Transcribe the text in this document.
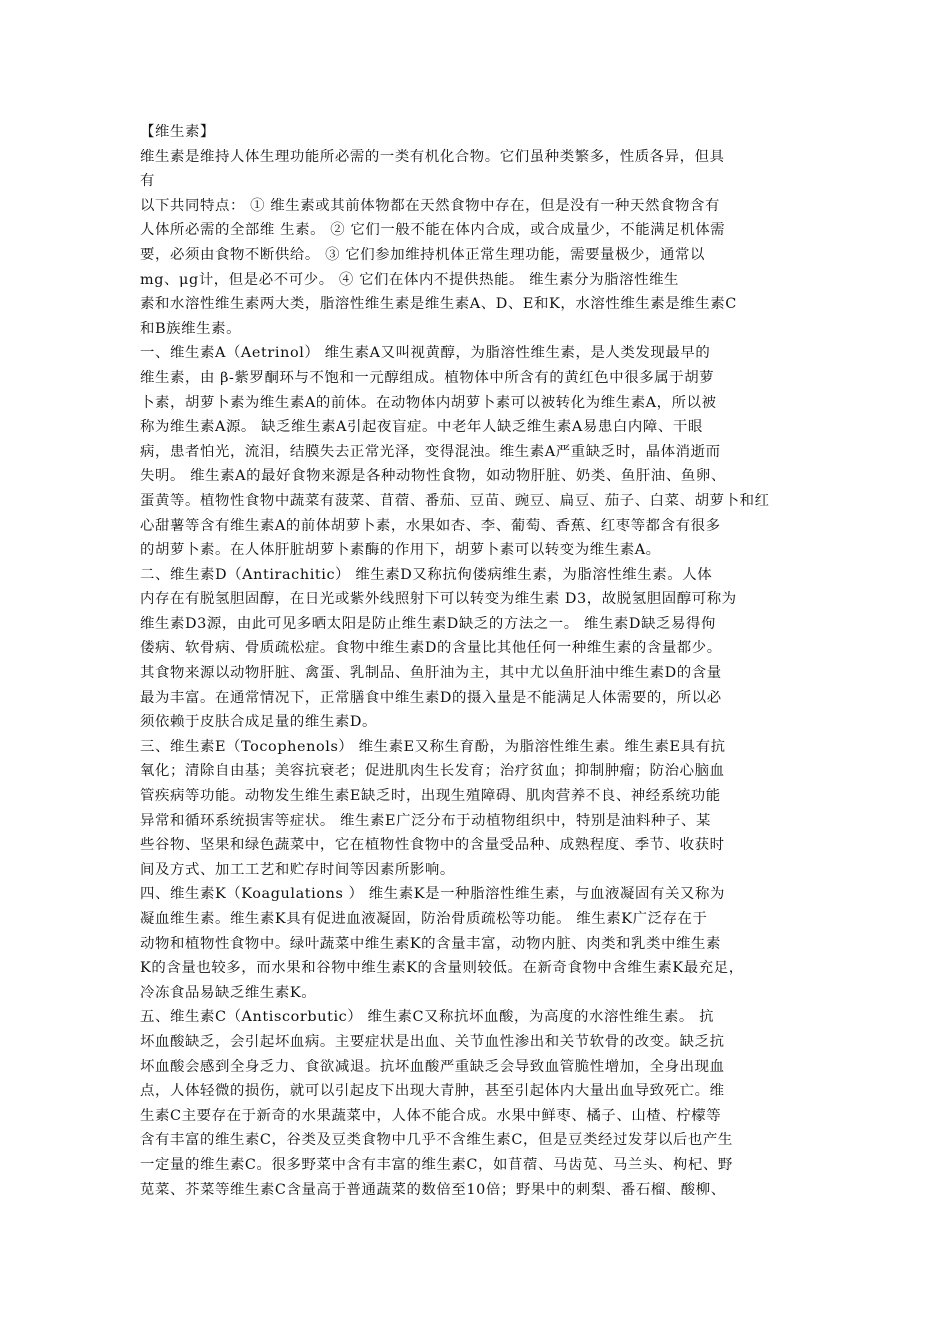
【维生素】
维生素是维持人体生理功能所必需的一类有机化合物。它们虽种类繁多，性质各异，但具
有
以下共同特点： ① 维生素或其前体物都在天然食物中存在，但是没有一种天然食物含有
人体所必需的全部维 生素。 ② 它们一般不能在体内合成，或合成量少，不能满足机体需
要，必须由食物不断供给。 ③ 它们参加维持机体正常生理功能，需要量极少，通常以
mg、μg计，但是必不可少。 ④ 它们在体内不提供热能。 维生素分为脂溶性维生
素和水溶性维生素两大类，脂溶性维生素是维生素A、D、E和K，水溶性维生素是维生素C
和B族维生素。
一、维生素A（Aetrinol） 维生素A又叫视黄醇，为脂溶性维生素，是人类发现最早的
维生素，由 β-紫罗酮环与不饱和一元醇组成。植物体中所含有的黄红色中很多属于胡萝
卜素，胡萝卜素为维生素A的前体。在动物体内胡萝卜素可以被转化为维生素A，所以被
称为维生素A源。 缺乏维生素A引起夜盲症。中老年人缺乏维生素A易患白内障、干眼
病，患者怕光，流泪，结膜失去正常光泽，变得混浊。维生素A严重缺乏时，晶体消逝而
失明。 维生素A的最好食物来源是各种动物性食物，如动物肝脏、奶类、鱼肝油、鱼卵、
蛋黄等。植物性食物中蔬菜有菠菜、苜蓿、番茄、豆苗、豌豆、扁豆、茄子、白菜、胡萝卜和红
心甜薯等含有维生素A的前体胡萝卜素，水果如杏、李、葡萄、香蕉、红枣等都含有很多
的胡萝卜素。在人体肝脏胡萝卜素酶的作用下，胡萝卜素可以转变为维生素A。
二、维生素D（Antirachitic） 维生素D又称抗佝偻病维生素，为脂溶性维生素。人体
内存在有脱氢胆固醇，在日光或紫外线照射下可以转变为维生素 D3，故脱氢胆固醇可称为
维生素D3源，由此可见多晒太阳是防止维生素D缺乏的方法之一。 维生素D缺乏易得佝
偻病、软骨病、骨质疏松症。食物中维生素D的含量比其他任何一种维生素的含量都少。
其食物来源以动物肝脏、禽蛋、乳制品、鱼肝油为主，其中尤以鱼肝油中维生素D的含量
最为丰富。在通常情况下，正常膳食中维生素D的摄入量是不能满足人体需要的，所以必
须依赖于皮肤合成足量的维生素D。
三、维生素E（Tocophenols） 维生素E又称生育酚，为脂溶性维生素。维生素E具有抗
氧化；清除自由基；美容抗衰老；促进肌肉生长发育；治疗贫血；抑制肿瘤；防治心脑血
管疾病等功能。动物发生维生素E缺乏时，出现生殖障碍、肌肉营养不良、神经系统功能
异常和循环系统损害等症状。 维生素E广泛分布于动植物组织中，特别是油料种子、某
些谷物、坚果和绿色蔬菜中，它在植物性食物中的含量受品种、成熟程度、季节、收获时
间及方式、加工工艺和贮存时间等因素所影响。
四、维生素K（Koagulations ） 维生素K是一种脂溶性维生素，与血液凝固有关又称为
凝血维生素。维生素K具有促进血液凝固，防治骨质疏松等功能。 维生素K广泛存在于
动物和植物性食物中。绿叶蔬菜中维生素K的含量丰富，动物内脏、肉类和乳类中维生素
K的含量也较多，而水果和谷物中维生素K的含量则较低。在新奇食物中含维生素K最充足，
冷冻食品易缺乏维生素K。
五、维生素C（Antiscorbutic） 维生素C又称抗坏血酸，为高度的水溶性维生素。 抗
坏血酸缺乏，会引起坏血病。主要症状是出血、关节血性渗出和关节软骨的改变。缺乏抗
坏血酸会感到全身乏力、食欲减退。抗坏血酸严重缺乏会导致血管脆性增加，全身出现血
点，人体轻微的损伤，就可以引起皮下出现大青肿，甚至引起体内大量出血导致死亡。维
生素C主要存在于新奇的水果蔬菜中，人体不能合成。水果中鲜枣、橘子、山楂、柠檬等
含有丰富的维生素C，谷类及豆类食物中几乎不含维生素C，但是豆类经过发芽以后也产生
一定量的维生素C。很多野菜中含有丰富的维生素C，如苜蓿、马齿苋、马兰头、枸杞、野
苋菜、芥菜等维生素C含量高于普通蔬菜的数倍至10倍；野果中的刺梨、番石榴、酸柳、
